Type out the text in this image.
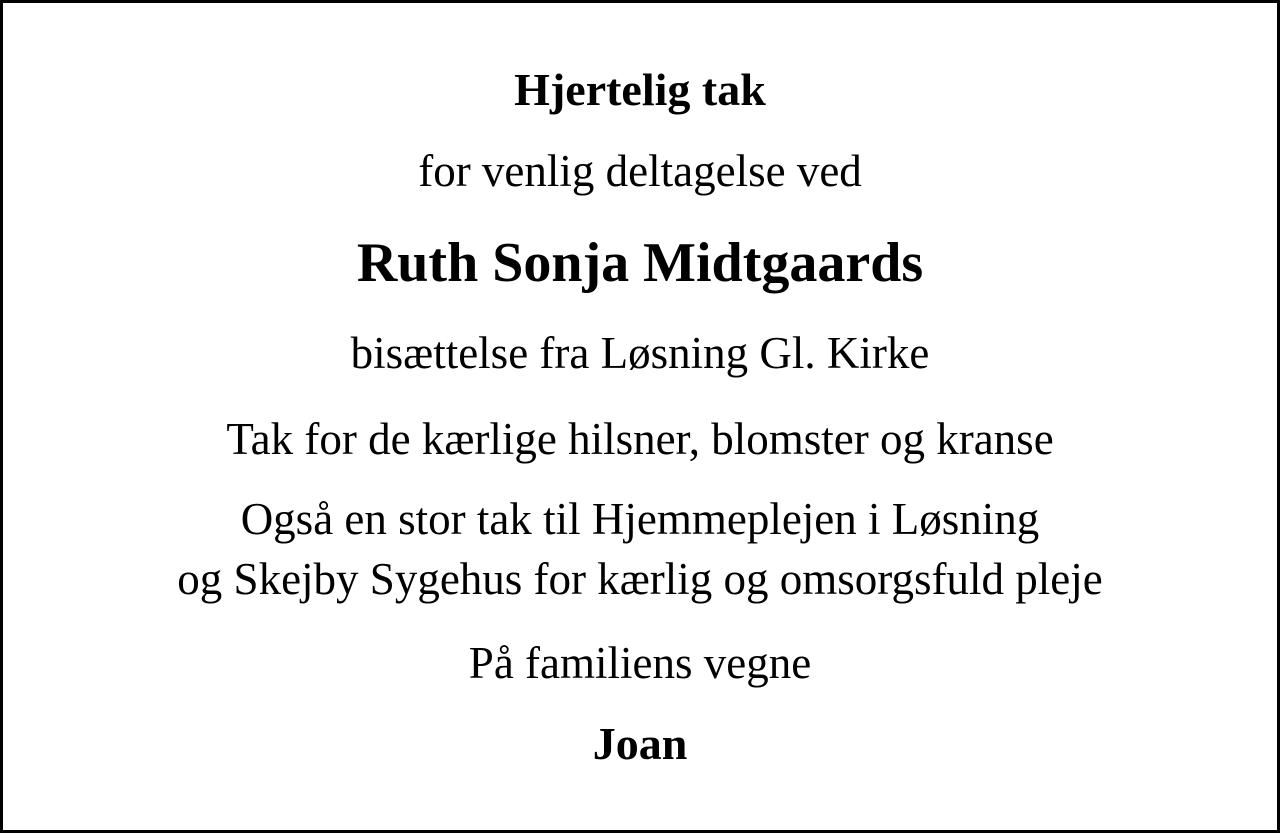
Hjertelig tak
for venlig deltagelse ved
Ruth Sonja Midtgaards
bisættelse fra Løsning Gl. Kirke
Tak for de kærlige hilsner, blomster og kranse
Også en stor tak til Hjemmeplejen i Løsning
og Skejby Sygehus for kærlig og omsorgsfuld pleje
På familiens vegne
Joan
